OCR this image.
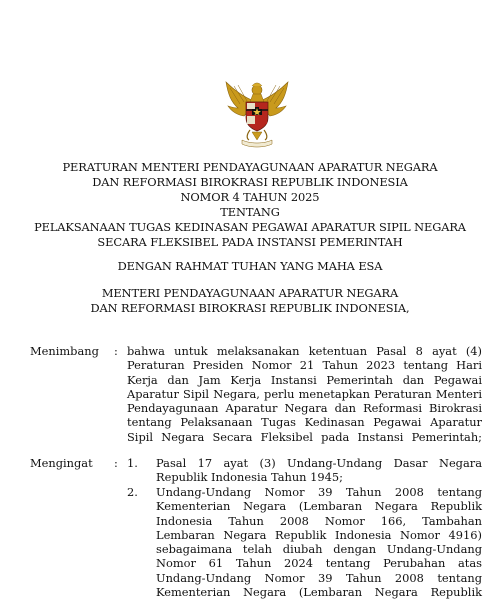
PERATURAN MENTERI PENDAYAGUNAAN APARATUR NEGARA
DAN REFORMASI BIROKRASI REPUBLIK INDONESIA
NOMOR 4 TAHUN 2025
TENTANG
PELAKSANAAN TUGAS KEDINASAN PEGAWAI APARATUR SIPIL NEGARA
SECARA FLEKSIBEL PADA INSTANSI PEMERINTAH
DENGAN RAHMAT TUHAN YANG MAHA ESA
MENTERI PENDAYAGUNAAN APARATUR NEGARA
DAN REFORMASI BIROKRASI REPUBLIK INDONESIA,
Menimbang : bahwa untuk melaksanakan ketentuan Pasal 8 ayat (4)
Peraturan Presiden Nomor 21 Tahun 2023 tentang Hari
Kerja dan Jam Kerja Instansi Pemerintah dan Pegawai
Aparatur Sipil Negara, perlu menetapkan Peraturan Menteri
Pendayagunaan Aparatur Negara dan Reformasi Birokrasi
tentang Pelaksanaan Tugas Kedinasan Pegawai Aparatur
Sipil Negara Secara Fleksibel pada Instansi Pemerintah;
Mengingat : 1. Pasal 17 ayat (3) Undang-Undang Dasar Negara
Republik Indonesia Tahun 1945;
2. Undang-Undang Nomor 39 Tahun 2008 tentang
Kementerian Negara (Lembaran Negara Republik
Indonesia Tahun 2008 Nomor 166, Tambahan
Lembaran Negara Republik Indonesia Nomor 4916)
sebagaimana telah diubah dengan Undang-Undang
Nomor 61 Tahun 2024 tentang Perubahan atas
Undang-Undang Nomor 39 Tahun 2008 tentang
Kementerian Negara (Lembaran Negara Republik
